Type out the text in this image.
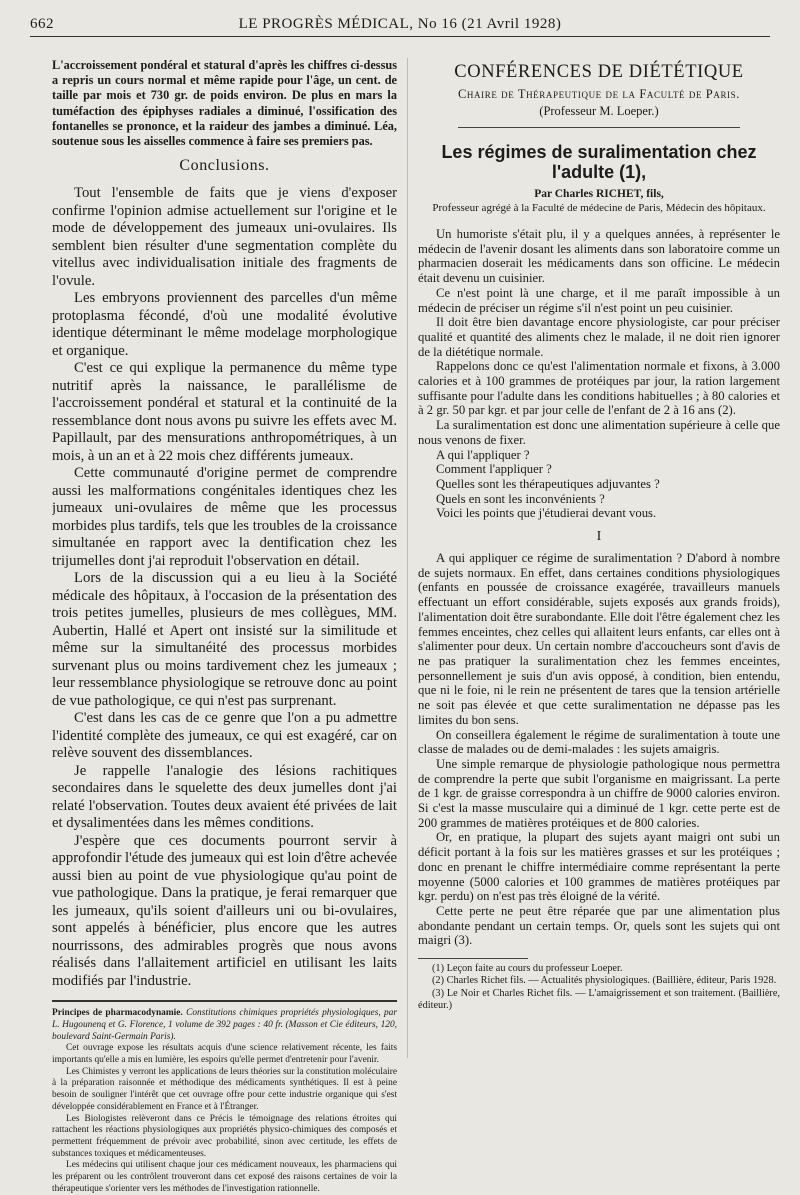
662	LE PROGRÈS MÉDICAL, No 16 (21 Avril 1928)

L'accroissement pondéral et statural d'après les chiffres ci-dessus a repris un cours normal et même rapide pour l'âge, un cent. de taille par mois et 730 gr. de poids environ. De plus en mars la tuméfaction des épiphyses radiales a diminué, l'ossification des fontanelles se prononce, et la raideur des jambes a diminué. Léa, soutenue sous les aisselles commence à faire ses premiers pas.

Conclusions.

Tout l'ensemble de faits que je viens d'exposer confirme l'opinion admise actuellement sur l'origine et le mode de développement des jumeaux uni-ovulaires. Ils semblent bien résulter d'une segmentation complète du vitellus avec individualisation initiale des fragments de l'ovule.

Les embryons proviennent des parcelles d'un même protoplasma fécondé, d'où une modalité évolutive identique déterminant le même modelage morphologique et organique.

C'est ce qui explique la permanence du même type nutritif après la naissance, le parallélisme de l'accroissement pondéral et statural et la continuité de la ressemblance dont nous avons pu suivre les effets avec M. Papillault, par des mensurations anthropométriques, à un mois, à un an et à 22 mois chez différents jumeaux.

Cette communauté d'origine permet de comprendre aussi les malformations congénitales identiques chez les jumeaux uni-ovulaires de même que les processus morbides plus tardifs, tels que les troubles de la croissance simultanée en rapport avec la dentification chez les trijumelles dont j'ai reproduit l'observation en détail.

Lors de la discussion qui a eu lieu à la Société médicale des hôpitaux, à l'occasion de la présentation des trois petites jumelles, plusieurs de mes collègues, MM. Aubertin, Hallé et Apert ont insisté sur la similitude et même sur la simultanéité des processus morbides survenant plus ou moins tardivement chez les jumeaux ; leur ressemblance physiologique se retrouve donc au point de vue pathologique, ce qui n'est pas surprenant.

C'est dans les cas de ce genre que l'on a pu admettre l'identité complète des jumeaux, ce qui est exagéré, car on relève souvent des dissemblances.

Je rappelle l'analogie des lésions rachitiques secondaires dans le squelette des deux jumelles dont j'ai relaté l'observation. Toutes deux avaient été privées de lait et dysalimentées dans les mêmes conditions.

J'espère que ces documents pourront servir à approfondir l'étude des jumeaux qui est loin d'être achevée aussi bien au point de vue physiologique qu'au point de vue pathologique. Dans la pratique, je ferai remarquer que les jumeaux, qu'ils soient d'ailleurs uni ou bi-ovulaires, sont appelés à bénéficier, plus encore que les autres nourrissons, des admirables progrès que nous avons réalisés dans l'allaitement artificiel en utilisant les laits modifiés par l'industrie.

Principes de pharmacodynamie. Constitutions chimiques propriétés physiologiques, par L. Hugounenq et G. Florence, 1 volume de 392 pages : 40 fr. (Masson et Cie éditeurs, 120, boulevard Saint-Germain Paris).

Cet ouvrage expose les résultats acquis d'une science relativement récente, les faits importants qu'elle a mis en lumière, les espoirs qu'elle permet d'entretenir pour l'avenir.

Les Chimistes y verront les applications de leurs théories sur la constitution moléculaire à la préparation raisonnée et méthodique des médicaments synthétiques. Il est à peine besoin de souligner l'intérêt que cet ouvrage offre pour cette industrie organique qui s'est développée considérablement en France et à l'Étranger.

Les Biologistes relèveront dans ce Précis le témoignage des relations étroites qui rattachent les réactions physiologiques aux propriétés physico-chimiques des composés et permettent fréquemment de prévoir avec probabilité, sinon avec certitude, les effets de substances toxiques et médicamenteuses.

Les médecins qui utilisent chaque jour ces médicament nouveaux, les pharmaciens qui les préparent ou les contrôlent trouveront dans cet exposé des raisons certaines de voir la thérapeutique s'orienter vers les méthodes de l'investigation rationnelle.

CONFÉRENCES DE DIÉTÉTIQUE
Chaire de Thérapeutique de la Faculté de Paris.
(Professeur M. Loeper.)
Les régimes de suralimentation chez l'adulte (1),
Par Charles RICHET, fils,
Professeur agrégé à la Faculté de médecine de Paris, Médecin des hôpitaux.

Un humoriste s'était plu, il y a quelques années, à représenter le médecin de l'avenir dosant les aliments dans son laboratoire comme un pharmacien doserait les médicaments dans son officine. Le médecin était devenu un cuisinier.

Ce n'est point là une charge, et il me paraît impossible à un médecin de préciser un régime s'il n'est point un peu cuisinier.

Il doit être bien davantage encore physiologiste, car pour préciser qualité et quantité des aliments chez le malade, il ne doit rien ignorer de la diététique normale.

Rappelons donc ce qu'est l'alimentation normale et fixons, à 3.000 calories et à 100 grammes de protéiques par jour, la ration largement suffisante pour l'adulte dans les conditions habituelles ; à 80 calories et à 2 gr. 50 par kgr. et par jour celle de l'enfant de 2 à 16 ans (2).

La suralimentation est donc une alimentation supérieure à celle que nous venons de fixer.

A qui l'appliquer ?

Comment l'appliquer ?

Quelles sont les thérapeutiques adjuvantes ?

Quels en sont les inconvénients ?

Voici les points que j'étudierai devant vous.

I

A qui appliquer ce régime de suralimentation ? D'abord à nombre de sujets normaux. En effet, dans certaines conditions physiologiques (enfants en poussée de croissance exagérée, travailleurs manuels effectuant un effort considérable, sujets exposés aux grands froids), l'alimentation doit être surabondante. Elle doit l'être également chez les femmes enceintes, chez celles qui allaitent leurs enfants, car elles ont à s'alimenter pour deux. Un certain nombre d'accoucheurs sont d'avis de ne pas pratiquer la suralimentation chez les femmes enceintes, personnellement je suis d'un avis opposé, à condition, bien entendu, que ni le foie, ni le rein ne présentent de tares que la tension artérielle ne soit pas élevée et que cette suralimentation ne dépasse pas les limites du bon sens.

On conseillera également le régime de suralimentation à toute une classe de malades ou de demi-malades : les sujets amaigris.

Une simple remarque de physiologie pathologique nous permettra de comprendre la perte que subit l'organisme en maigrissant. La perte de 1 kgr. de graisse correspondra à un chiffre de 9000 calories environ. Si c'est la masse musculaire qui a diminué de 1 kgr. cette perte est de 200 grammes de matières protéiques et de 800 calories.

Or, en pratique, la plupart des sujets ayant maigri ont subi un déficit portant à la fois sur les matières grasses et sur les protéiques ; donc en prenant le chiffre intermédiaire comme représentant la perte moyenne (5000 calories et 100 grammes de matières protéiques par kgr. perdu) on n'est pas très éloigné de la vérité.

Cette perte ne peut être réparée que par une alimentation plus abondante pendant un certain temps. Or, quels sont les sujets qui ont maigri (3).

(1) Leçon faite au cours du professeur Loeper.

(2) Charles Richet fils. — Actualités physiologiques. (Baillière, éditeur, Paris 1928.

(3) Le Noir et Charles Richet fils. — L'amaigrissement et son traitement. (Baillière, éditeur.)
